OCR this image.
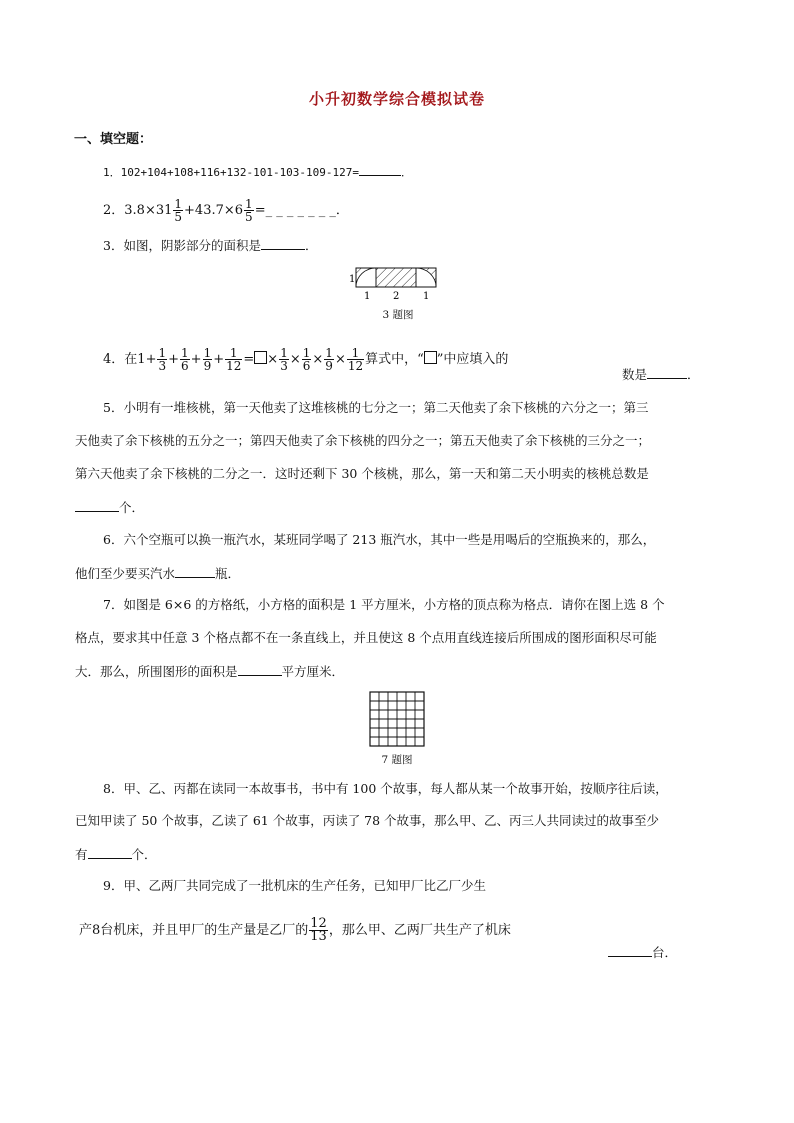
小升初数学综合模拟试卷
一、填空题：
1．102+104+108+116+132-101-103-109-127=	．
2．$3.8\times 31 \frac{1}{5} +43.7\times 6 \frac{1}{5}$ =_ _ _ _ _ _ _．
3．如图，阴影部分的面积是	．
1
1 2 1
3 题图
4．在$1+ \frac{1}{3} + \frac{1}{6} + \frac{1}{9} + \frac{1}{12}$ = × $\frac{1}{3} \times \frac{1}{6} \times \frac{1}{9} \times \frac{1}{12}$ 算式中，“ ”中应填入的
数是	．
5．小明有一堆核桃，第一天他卖了这堆核桃的七分之一；第二天他卖了余下核桃的六分之一；第三
天他卖了余下核桃的五分之一；第四天他卖了余下核桃的四分之一；第五天他卖了余下核桃的三分之一；
第六天他卖了余下核桃的二分之一．这时还剩下 30 个核桃，那么，第一天和第二天小明卖的核桃总数是
个．
6．六个空瓶可以换一瓶汽水，某班同学喝了 213 瓶汽水，其中一些是用喝后的空瓶换来的，那么，
他们至少要买汽水	瓶．
7．如图是 6×6 的方格纸，小方格的面积是 1 平方厘米，小方格的顶点称为格点．请你在图上选 8 个
格点，要求其中任意 3 个格点都不在一条直线上，并且使这 8 个点用直线连接后所围成的图形面积尽可能
大．那么，所围图形的面积是	平方厘米．
7 题图
8．甲、乙、丙都在读同一本故事书，书中有 100 个故事，每人都从某一个故事开始，按顺序往后读，
已知甲读了 50 个故事，乙读了 61 个故事，丙读了 78 个故事，那么甲、乙、丙三人共同读过的故事至少
有	个．
9．甲、乙两厂共同完成了一批机床的生产任务，已知甲厂比乙厂少生
产8台机床，并且甲厂的生产量是乙厂的 $\frac{12}{13}$ ，那么甲、乙两厂共生产了机床
台．
